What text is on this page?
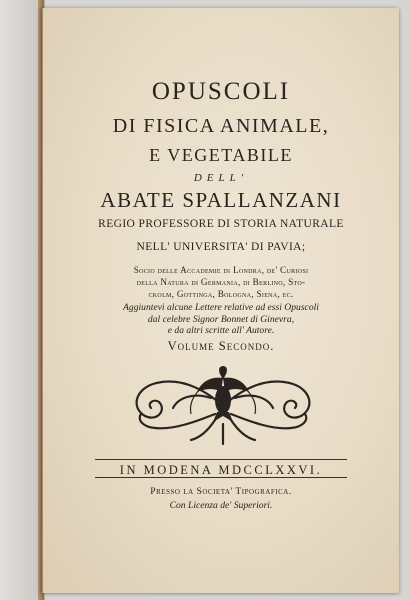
OPUSCOLI
DI FISICA ANIMALE,
E VEGETABILE
DELL'
ABATE SPALLANZANI
REGIO PROFESSORE DI STORIA NATURALE
NELL' UNIVERSITA' DI PAVIA;
Socio delle Accademie di Londra, de' Curiosi
della Natura di Germania, di Berlino, Sto-
ckolm, Gottinga, Bologna, Siena, ec.
Aggiuntevi alcune Lettere relative ad essi Opuscoli
dal celebre Signor Bonnet di Ginevra,
e da altri scritte all' Autore.
Volume Secondo.
IN MODENA MDCCLXXVI.
Presso la Societa' Tipografica.
Con Licenza de' Superiori.
